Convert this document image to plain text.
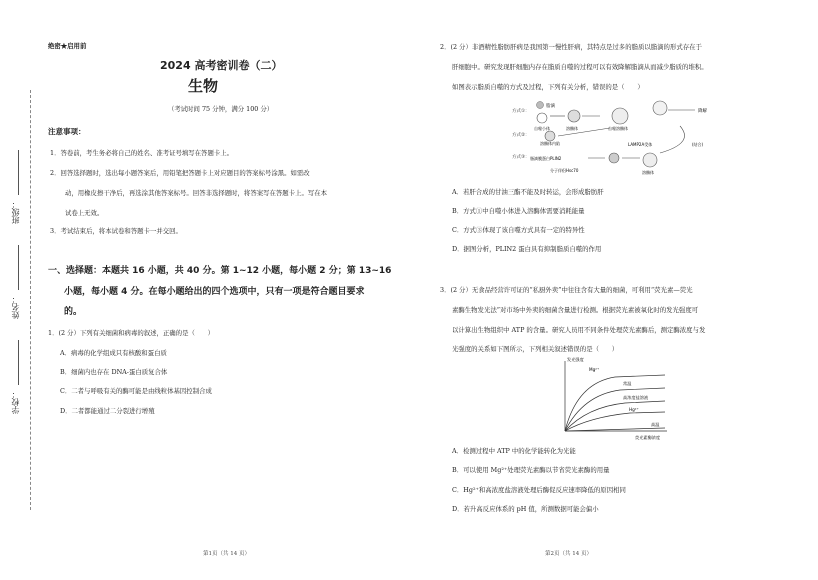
班级：
姓名：
学校：
绝密★启用前
2024 高考密训卷（二）
生物
（考试时间 75 分钟，满分 100 分）
注意事项：
1．答卷前，考生务必将自己的姓名、准考证号填写在答题卡上。
2．回答选择题时，选出每小题答案后，用铅笔把答题卡上对应题目的答案标号涂黑。如需改
动，用橡皮擦干净后，再选涂其他答案标号。回答非选择题时，将答案写在答题卡上。写在本
试卷上无效。
3．考试结束后，将本试卷和答题卡一并交回。
一、选择题：本题共 16 小题，共 40 分。第 1~12 小题，每小题 2 分；第 13~16
小题，每小题 4 分。在每小题给出的四个选项中，只有一项是符合题目要求
的。
1．(2 分）下列有关细菌和病毒的叙述，正确的是（　　）
A．病毒的化学组成只有核酸和蛋白质
B．细菌内也存在 DNA-蛋白质复合体
C．二者与呼吸有关的酶可能是由线粒体基因控制合成
D．二者都能通过二分裂进行增殖
第1页（共 14 页）
2．(2 分）非酒精性脂肪肝病是我国第一慢性肝病，其特点是过多的脂质以脂滴的形式存在于
肝细胞中。研究发现肝细胞内存在脂质自噬的过程可以有效降解脂滴从而减少脂质的堆积。
如图表示脂质自噬的方式及过程，下列有关分析，错误的是（　　）
方式①：
方式②：
方式③：
脂滴
自噬小体	溶酶体	自噬溶酶体
降解
溶酶体内陷	LAMP2A受体	(结合)
脂滴膜蛋白PLIN2
溶酶体
分子伴侣Hsc70
A．若肝合成的甘油三酯不能及时转运，会形成脂肪肝
B．方式①中自噬小体进入溶酶体需要消耗能量
C．方式③体现了该自噬方式具有一定的特异性
D．据图分析，PLIN2 蛋白具有抑制脂质自噬的作用
3．(2 分）无食品经营许可证的“私厨外卖”中往往含有大量的细菌，可利用“荧光素—荧光
素酶生物发光法”对市场中外卖的细菌含量进行检测。根据荧光素被氧化时的发光强度可
以计算出生物组织中 ATP 的含量。研究人员用不同条件处理荧光素酶后，测定酶浓度与发
光强度的关系如下图所示，下列相关叙述错误的是（　　）
发光强度
荧光素酶浓度
Mg²⁺
常温
高浓度盐溶液
Hg²⁺
高温
A．检测过程中 ATP 中的化学能转化为光能
B．可以使用 Mg²⁺处理荧光素酶以节省荧光素酶的用量
C．Hg²⁺和高浓度盐溶液处理后酶促反应速率降低的原因相同
D．若升高反应体系的 pH 值，所测数据可能会偏小
第2页（共 14 页）
